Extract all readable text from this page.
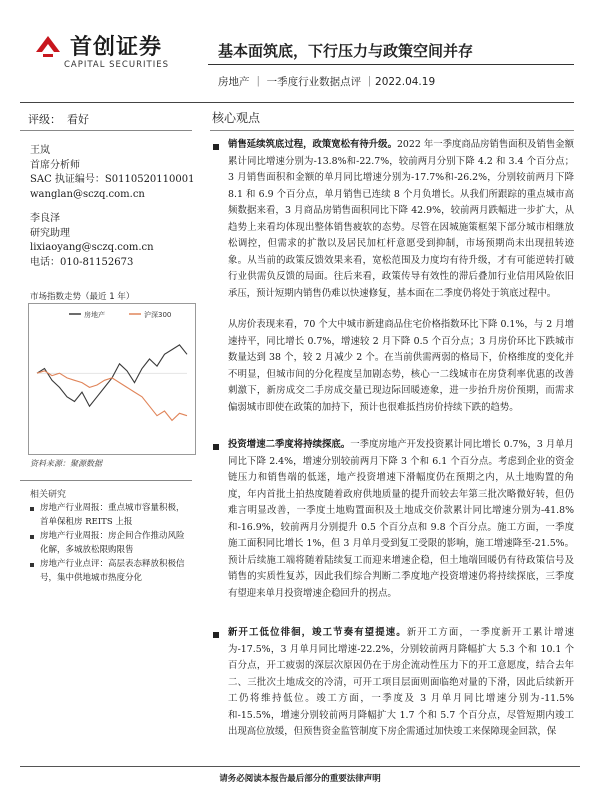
首创证券
CAPITAL SECURITIES
基本面筑底，下行压力与政策空间并存
房地产 ｜ 一季度行业数据点评 ｜2022.04.19
评级： 看好
王岚
首席分析师
SAC 执证编号：S0110520110001
wanglan@sczq.com.cn
李良泽
研究助理
lixiaoyang@sczq.com.cn
电话：010-81152673
市场指数走势（最近 1 年）
房地产	沪深300
资料来源：聚源数据
相关研究
房地产行业周报：重点城市容量积极，首单保租房 REITS 上报
房地产行业周报：房企间合作推动风险化解，多城放松限购限售
房地产行业点评：高层表态释放积极信号，集中供地城市热度分化
核心观点

销售延续筑底过程，政策宽松有待升级。2022 年一季度商品房销售面积及销售金额累计同比增速分别为-13.8%和-22.7%，较前两月分别下降 4.2 和 3.4 个百分点；3 月销售面积和金额的单月同比增速分别为-17.7%和-26.2%，分别较前两月下降 8.1 和 6.9 个百分点，单月销售已连续 8 个月负增长。从我们所跟踪的重点城市高频数据来看，3 月商品房销售面积同比下降 42.9%，较前两月跌幅进一步扩大，从趋势上来看均体现出整体销售疲软的态势。尽管在因城施策框架下部分城市相继放松调控，但需求的扩散以及居民加杠杆意愿受到抑制，市场预期尚未出现扭转迹象。从当前的政策反馈效果来看，宽松范围及力度均有待升级，才有可能逆转打破行业供需负反馈的局面。往后来看，政策传导有效性的滞后叠加行业信用风险依旧承压，预计短期内销售仍难以快速修复，基本面在二季度仍将处于筑底过程中。

从房价表现来看，70 个大中城市新建商品住宅价格指数环比下降 0.1%，与 2 月增速持平，同比增长 0.7%，增速较 2 月下降 0.5 个百分点；3 月房价环比下跌城市数量达到 38 个，较 2 月减少 2 个。在当前供需两弱的格局下，价格维度的变化并不明显，但城市间的分化程度呈加剧态势，核心一二线城市在房贷利率优惠的改善刺激下，新房成交二手房成交量已现边际回暖迹象，进一步抬升房价预期，而需求偏弱城市即使在政策的加持下，预计也很难抵挡房价持续下跌的趋势。

投资增速二季度将持续探底。一季度房地产开发投资累计同比增长 0.7%，3 月单月同比下降 2.4%，增速分别较前两月下降 3 个和 6.1 个百分点。考虑到企业的资金链压力和销售端的低迷，地产投资增速下滑幅度仍在预期之内，从土地购置的角度，年内首批土拍热度随着政府供地质量的提升而较去年第三批次略微好转，但仍难言明显改善，一季度土地购置面积及土地成交价款累计同比增速分别为-41.8%和-16.9%，较前两月分别提升 0.5 个百分点和 9.8 个百分点。施工方面，一季度施工面积同比增长 1%，但 3 月单月受到复工受限的影响，施工增速降至-21.5%。预计后续施工端将随着陆续复工而迎来增速企稳，但土地端回暖仍有待政策信号及销售的实质性复苏，因此我们综合判断二季度地产投资增速仍将持续探底，三季度有望迎来单月投资增速企稳回升的拐点。

新开工低位徘徊，竣工节奏有望提速。新开工方面，一季度新开工累计增速为-17.5%，3 月单月同比增速-22.2%，分别较前两月降幅扩大 5.3 个和 10.1 个百分点，开工疲弱的深层次原因仍在于房企流动性压力下的开工意愿度，结合去年二、三批次土地成交的冷清，可开工项目层面则面临绝对量的下滑，因此后续新开工仍将维持低位。竣工方面，一季度及 3 月单月同比增速分别为-11.5%和-15.5%，增速分别较前两月降幅扩大 1.7 个和 5.7 个百分点，尽管短期内竣工出现高位放缓，但预售资金监管制度下房企需通过加快竣工来保障现金回款，保

请务必阅读本报告最后部分的重要法律声明
